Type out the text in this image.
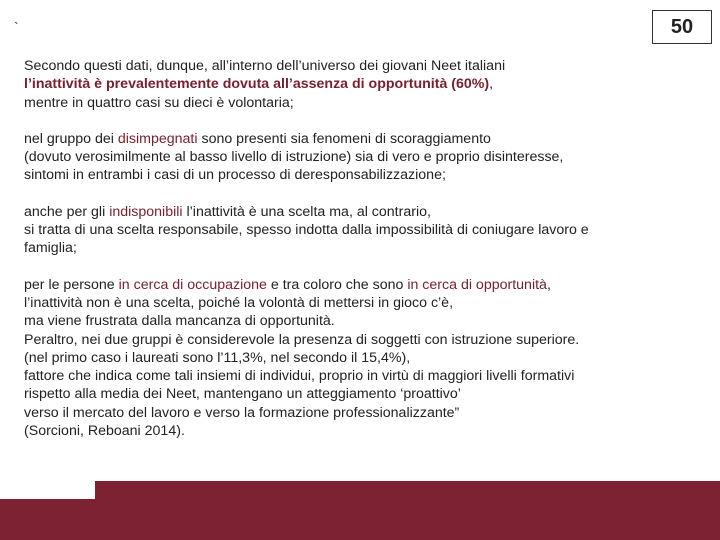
`	50
Secondo questi dati, dunque, all’interno dell’universo dei giovani Neet italiani
l’inattività è prevalentemente dovuta all’assenza di opportunità (60%),
mentre in quattro casi su dieci è volontaria;
nel gruppo dei disimpegnati sono presenti sia fenomeni di scoraggiamento
(dovuto verosimilmente al basso livello di istruzione) sia di vero e proprio disinteresse,
sintomi in entrambi i casi di un processo di deresponsabilizzazione;
anche per gli indisponibili l’inattività è una scelta ma, al contrario,
si tratta di una scelta responsabile, spesso indotta dalla impossibilità di coniugare lavoro e
famiglia;
per le persone in cerca di occupazione e tra coloro che sono in cerca di opportunità,
l’inattività non è una scelta, poiché la volontà di mettersi in gioco c’è,
ma viene frustrata dalla mancanza di opportunità.
Peraltro, nei due gruppi è considerevole la presenza di soggetti con istruzione superiore.
(nel primo caso i laureati sono l’11,3%, nel secondo il 15,4%),
fattore che indica come tali insiemi di individui, proprio in virtù di maggiori livelli formativi
rispetto alla media dei Neet, mantengano un atteggiamento ‘proattivo’
verso il mercato del lavoro e verso la formazione professionalizzante”
(Sorcioni, Reboani 2014).
